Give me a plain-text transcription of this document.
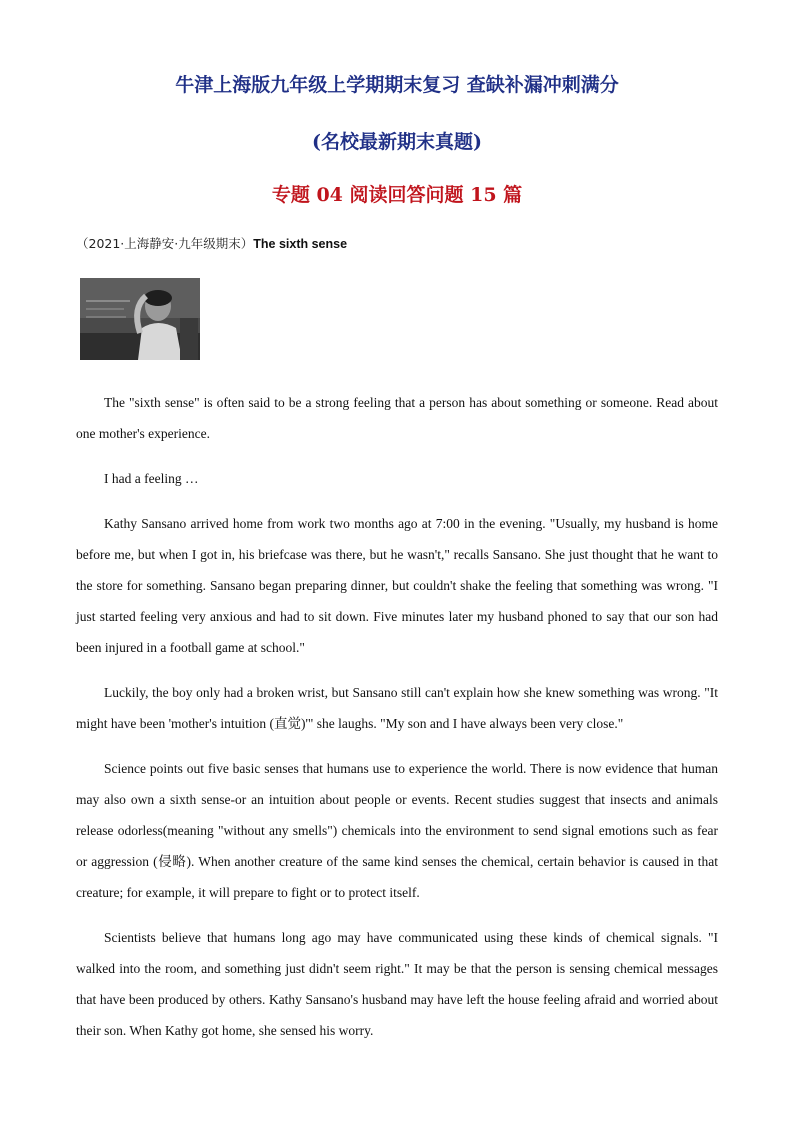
牛津上海版九年级上学期期末复习 查缺补漏冲刺满分
(名校最新期末真题)
专题 04 阅读回答问题 15 篇
（2021·上海静安·九年级期末）The sixth sense

The "sixth sense" is often said to be a strong feeling that a person has about something or someone. Read about one mother's experience.

I had a feeling …

Kathy Sansano arrived home from work two months ago at 7:00 in the evening. "Usually, my husband is home before me, but when I got in, his briefcase was there, but he wasn't," recalls Sansano. She just thought that he want to the store for something. Sansano began preparing dinner, but couldn't shake the feeling that something was wrong. "I just started feeling very anxious and had to sit down. Five minutes later my husband phoned to say that our son had been injured in a football game at school."

Luckily, the boy only had a broken wrist, but Sansano still can't explain how she knew something was wrong. "It might have been 'mother's intuition (直觉)'" she laughs. "My son and I have always been very close."

Science points out five basic senses that humans use to experience the world. There is now evidence that human may also own a sixth sense-or an intuition about people or events. Recent studies suggest that insects and animals release odorless(meaning "without any smells") chemicals into the environment to send signal emotions such as fear or aggression (侵略). When another creature of the same kind senses the chemical, certain behavior is caused in that creature; for example, it will prepare to fight or to protect itself.

Scientists believe that humans long ago may have communicated using these kinds of chemical signals. "I walked into the room, and something just didn't seem right." It may be that the person is sensing chemical messages that have been produced by others. Kathy Sansano's husband may have left the house feeling afraid and worried about their son. When Kathy got home, she sensed his worry.
